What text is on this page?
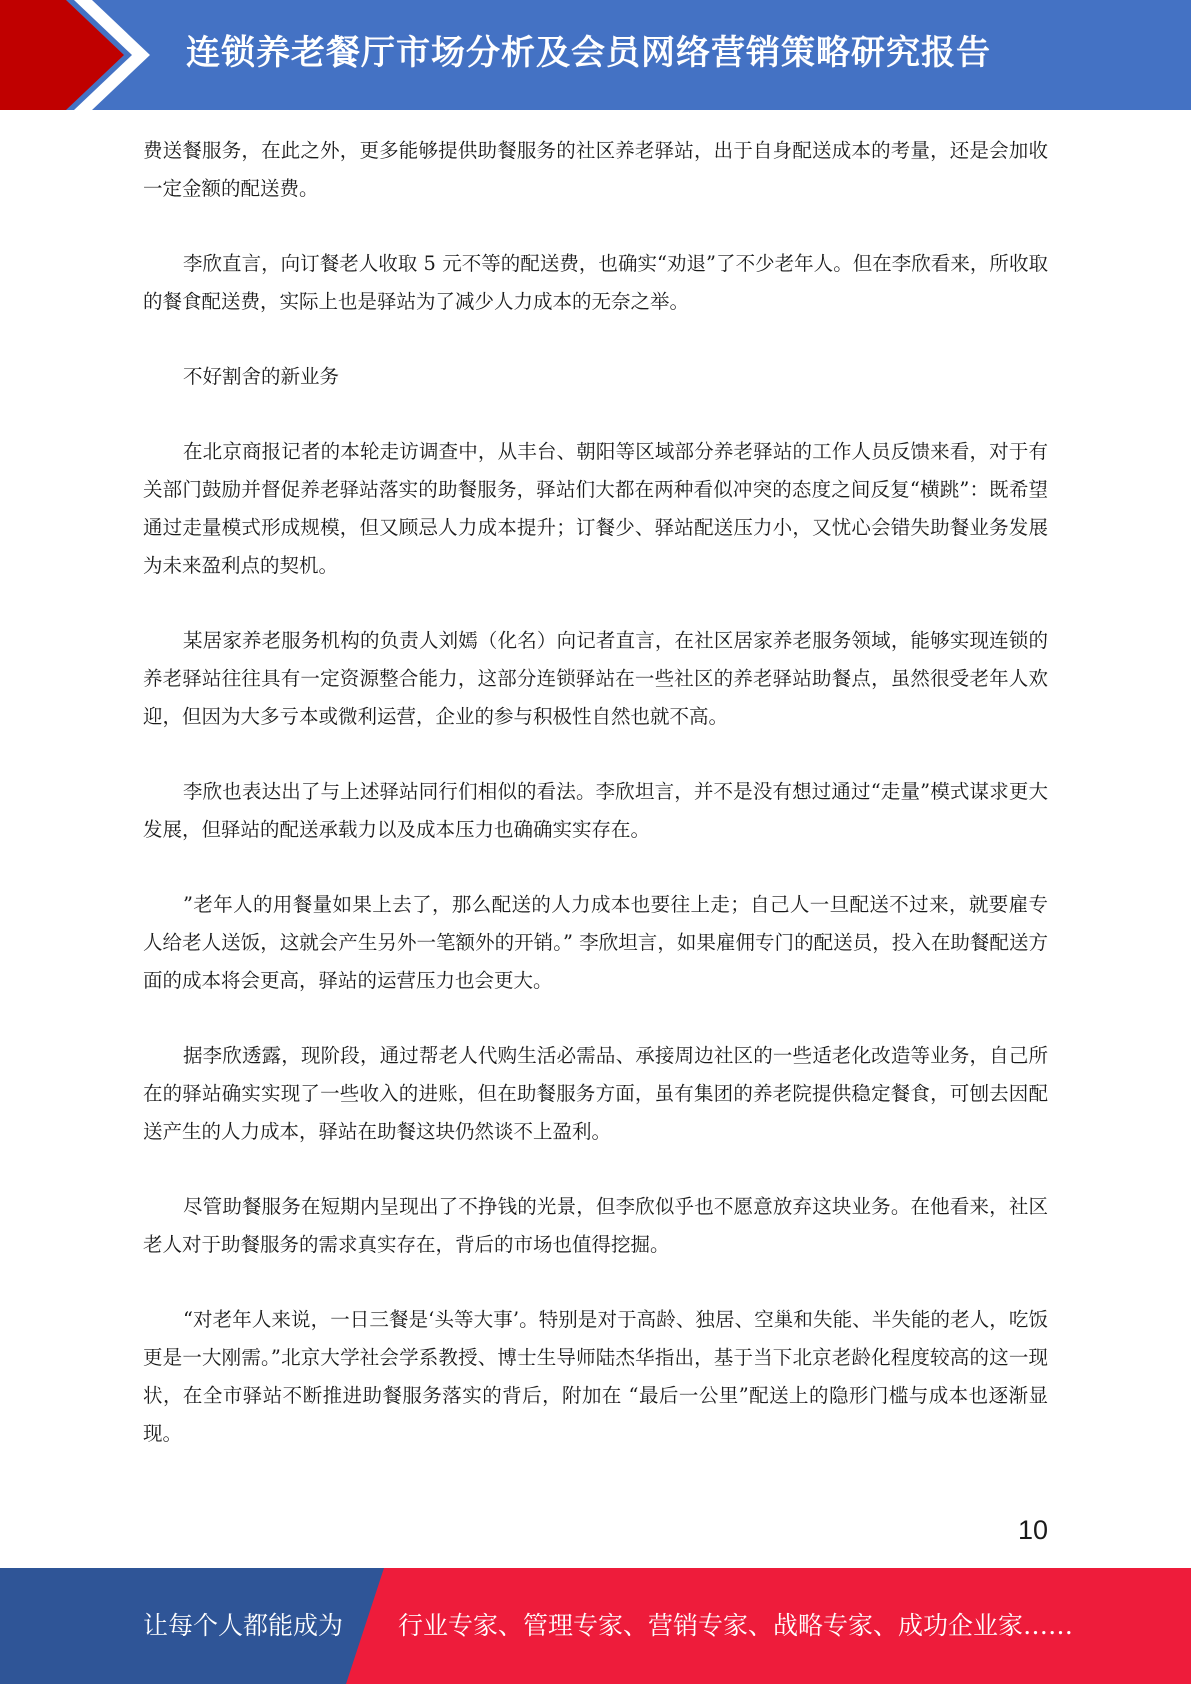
连锁养老餐厅市场分析及会员网络营销策略研究报告

费送餐服务，在此之外，更多能够提供助餐服务的社区养老驿站，出于自身配送成本的考量，还是会加收一定金额的配送费。

李欣直言，向订餐老人收取 5 元不等的配送费，也确实“劝退”了不少老年人。但在李欣看来，所收取的餐食配送费，实际上也是驿站为了减少人力成本的无奈之举。

不好割舍的新业务

在北京商报记者的本轮走访调查中，从丰台、朝阳等区域部分养老驿站的工作人员反馈来看，对于有关部门鼓励并督促养老驿站落实的助餐服务，驿站们大都在两种看似冲突的态度之间反复“横跳”：既希望通过走量模式形成规模，但又顾忌人力成本提升；订餐少、驿站配送压力小，又忧心会错失助餐业务发展为未来盈利点的契机。

某居家养老服务机构的负责人刘嫣（化名）向记者直言，在社区居家养老服务领域，能够实现连锁的养老驿站往往具有一定资源整合能力，这部分连锁驿站在一些社区的养老驿站助餐点，虽然很受老年人欢迎，但因为大多亏本或微利运营，企业的参与积极性自然也就不高。

李欣也表达出了与上述驿站同行们相似的看法。李欣坦言，并不是没有想过通过“走量”模式谋求更大发展，但驿站的配送承载力以及成本压力也确确实实存在。

”老年人的用餐量如果上去了，那么配送的人力成本也要往上走；自己人一旦配送不过来，就要雇专人给老人送饭，这就会产生另外一笔额外的开销。” 李欣坦言，如果雇佣专门的配送员，投入在助餐配送方面的成本将会更高，驿站的运营压力也会更大。

据李欣透露，现阶段，通过帮老人代购生活必需品、承接周边社区的一些适老化改造等业务，自己所在的驿站确实实现了一些收入的进账，但在助餐服务方面，虽有集团的养老院提供稳定餐食，可刨去因配送产生的人力成本，驿站在助餐这块仍然谈不上盈利。

尽管助餐服务在短期内呈现出了不挣钱的光景，但李欣似乎也不愿意放弃这块业务。在他看来，社区老人对于助餐服务的需求真实存在，背后的市场也值得挖掘。

“对老年人来说，一日三餐是‘头等大事’。特别是对于高龄、独居、空巢和失能、半失能的老人，吃饭更是一大刚需。”北京大学社会学系教授、博士生导师陆杰华指出，基于当下北京老龄化程度较高的这一现状，在全市驿站不断推进助餐服务落实的背后，附加在 “最后一公里”配送上的隐形门槛与成本也逐渐显现。

10
让每个人都能成为 行业专家、管理专家、营销专家、战略专家、成功企业家……
